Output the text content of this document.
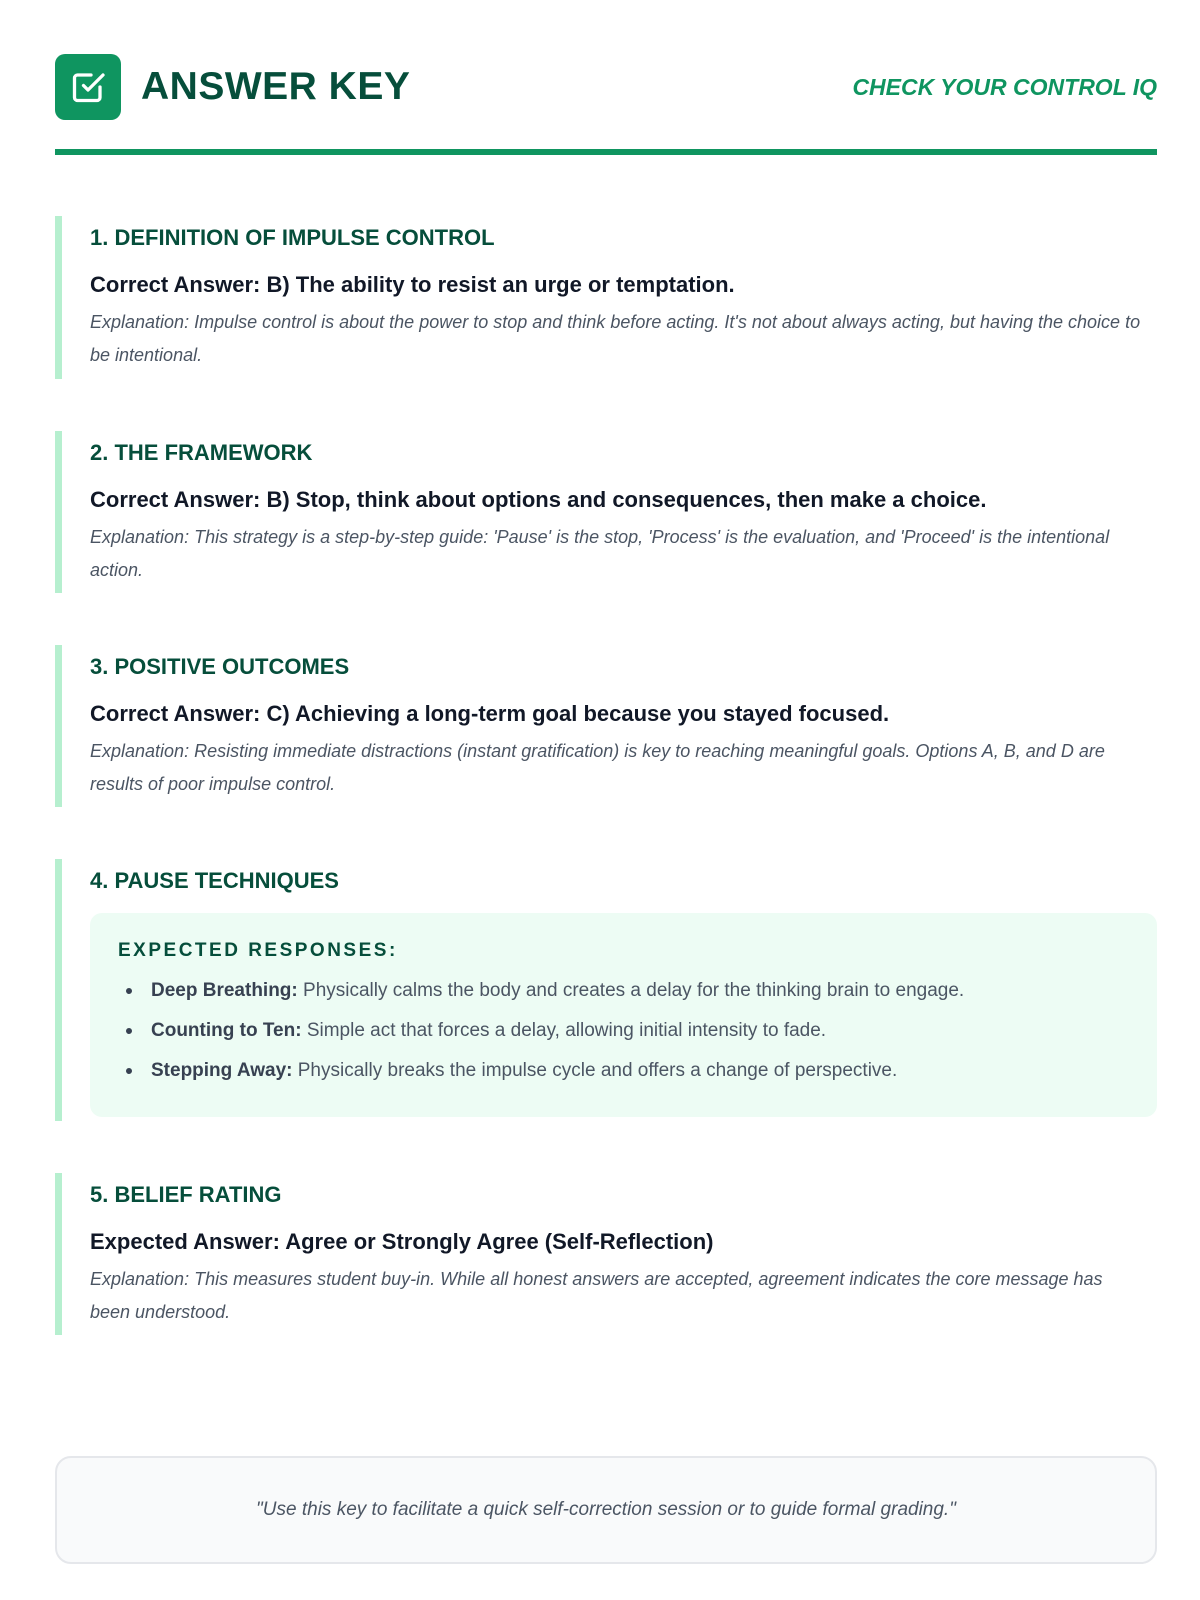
ANSWER KEY	CHECK YOUR CONTROL IQ
1. DEFINITION OF IMPULSE CONTROL
Correct Answer: B) The ability to resist an urge or temptation.
Explanation: Impulse control is about the power to stop and think before acting. It's not about always acting, but having the choice to be intentional.
2. THE FRAMEWORK
Correct Answer: B) Stop, think about options and consequences, then make a choice.
Explanation: This strategy is a step-by-step guide: 'Pause' is the stop, 'Process' is the evaluation, and 'Proceed' is the intentional action.
3. POSITIVE OUTCOMES
Correct Answer: C) Achieving a long-term goal because you stayed focused.
Explanation: Resisting immediate distractions (instant gratification) is key to reaching meaningful goals. Options A, B, and D are results of poor impulse control.
4. PAUSE TECHNIQUES
EXPECTED RESPONSES:
Deep Breathing: Physically calms the body and creates a delay for the thinking brain to engage.
Counting to Ten: Simple act that forces a delay, allowing initial intensity to fade.
Stepping Away: Physically breaks the impulse cycle and offers a change of perspective.
5. BELIEF RATING
Expected Answer: Agree or Strongly Agree (Self-Reflection)
Explanation: This measures student buy-in. While all honest answers are accepted, agreement indicates the core message has been understood.
"Use this key to facilitate a quick self-correction session or to guide formal grading."
